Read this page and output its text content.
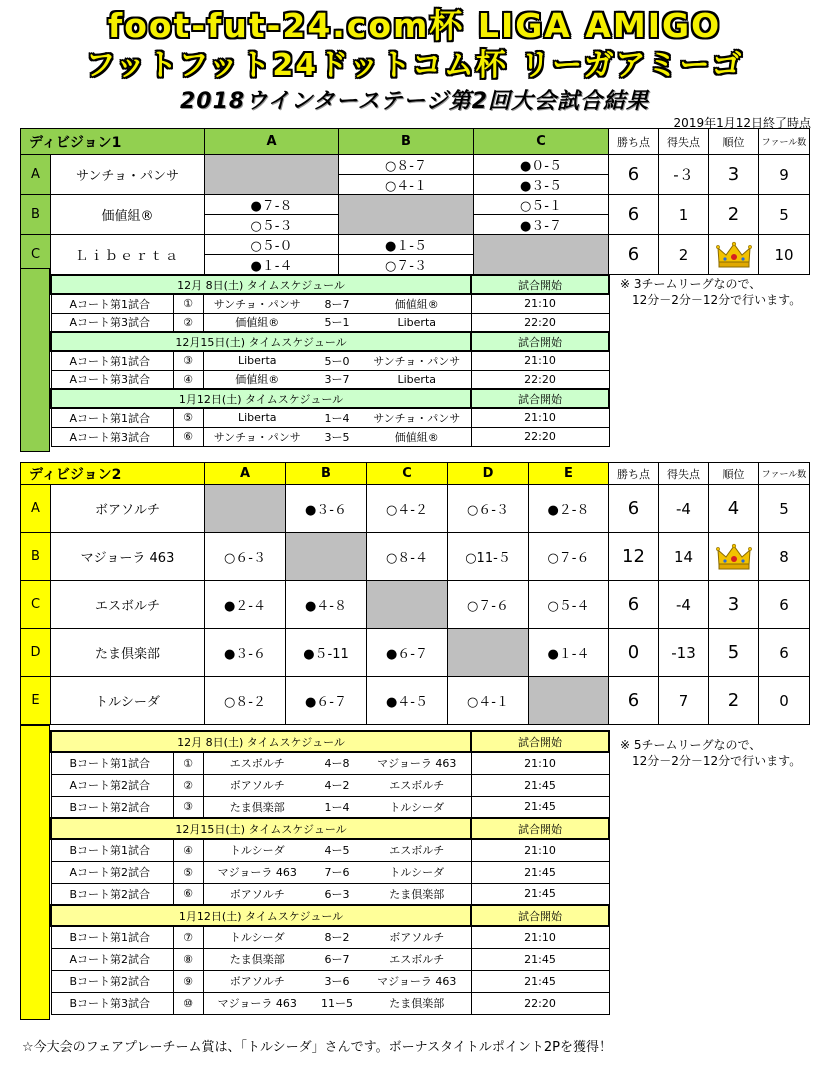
foot-fut-24.com杯 LIGA AMIGO
フットフット24ドットコム杯 リーガアミーゴ
2018ウインターステージ第2回大会試合結果
2019年1月12日終了時点
ディビジョン1		A	B	C	勝ち点	得失点	順位	ファール数
A	サンチョ・パンサ		○８-７	●０-５	6	-３	3	9
			○４-１	●３-５				
B	価値組®	●７-８		○５-１	6	1	2	5
		○５-３		●３-７				
C	Ｌｉｂｅｒｔａ	○５-０	●１-５		6	2		10
		●１-４	○７-３					
12月 8日(土) タイムスケジュール					試合開始
Aコート第1試合	①	サンチョ・パンサ	8ー7	価値組®	21:10
Aコート第3試合	②	価値組®	5ー1	Liberta	22:20
12月15日(土) タイムスケジュール					試合開始
Aコート第1試合	③	Liberta	5ー0	サンチョ・パンサ	21:10
Aコート第3試合	④	価値組®	3ー7	Liberta	22:20
1月12日(土) タイムスケジュール					試合開始
Aコート第1試合	⑤	Liberta	1ー4	サンチョ・パンサ	21:10
Aコート第3試合	⑥	サンチョ・パンサ	3ー5	価値組®	22:20
※ 3チームリーグなので、
12分－2分－12分で行います。
ディビジョン2		A	B	C	D	E	勝ち点	得失点	順位	ファール数
A	ボアソルチ		●３-６	○４-２	○６-３	●２-８	6	-4	4	5
B	マジョーラ 463	○６-３		○８-４	○11-５	○７-６	12	14		8
C	エスボルチ	●２-４	●４-８		○７-６	○５-４	6	-4	3	6
D	たま倶楽部	●３-６	●５-11	●６-７		●１-４	0	-13	5	6
E	トルシーダ	○８-２	●６-７	●４-５	○４-１		6	7	2	0
12月 8日(土) タイムスケジュール					試合開始
Bコート第1試合	①	エスボルチ	4ー8	マジョーラ 463	21:10
Aコート第2試合	②	ボアソルチ	4ー2	エスボルチ	21:45
Bコート第2試合	③	たま倶楽部	1ー4	トルシーダ	21:45
12月15日(土) タイムスケジュール					試合開始
Bコート第1試合	④	トルシーダ	4ー5	エスボルチ	21:10
Aコート第2試合	⑤	マジョーラ 463	7ー6	トルシーダ	21:45
Bコート第2試合	⑥	ボアソルチ	6ー3	たま倶楽部	21:45
1月12日(土) タイムスケジュール					試合開始
Bコート第1試合	⑦	トルシーダ	8ー2	ボアソルチ	21:10
Aコート第2試合	⑧	たま倶楽部	6ー7	エスボルチ	21:45
Bコート第2試合	⑨	ボアソルチ	3ー6	マジョーラ 463	21:45
Bコート第3試合	⑩	マジョーラ 463	11ー5	たま倶楽部	22:20
※ 5チームリーグなので、
12分－2分－12分で行います。
☆今大会のフェアプレーチーム賞は、「トルシーダ」さんです。ボーナスタイトルポイント2Pを獲得！
